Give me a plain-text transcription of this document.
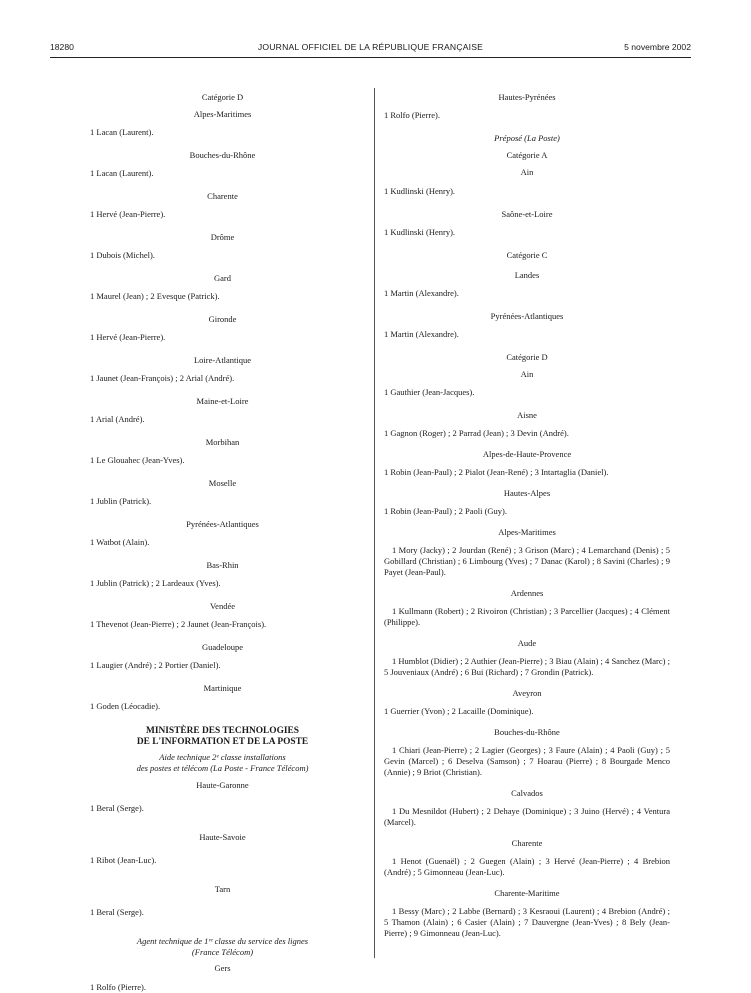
18280	JOURNAL OFFICIEL DE LA RÉPUBLIQUE FRANÇAISE	5 novembre 2002

Catégorie D

Alpes-Maritimes

1 Lacan (Laurent).

Bouches-du-Rhône

1 Lacan (Laurent).

Charente

1 Hervé (Jean-Pierre).

Drôme

1 Dubois (Michel).

Gard

1 Maurel (Jean) ; 2 Evesque (Patrick).

Gironde

1 Hervé (Jean-Pierre).

Loire-Atlantique

1 Jaunet (Jean-François) ; 2 Arial (André).

Maine-et-Loire

1 Arial (André).

Morbihan

1 Le Glouahec (Jean-Yves).

Moselle

1 Jublin (Patrick).

Pyrénées-Atlantiques

1 Watbot (Alain).

Bas-Rhin

1 Jublin (Patrick) ; 2 Lardeaux (Yves).

Vendée

1 Thevenot (Jean-Pierre) ; 2 Jaunet (Jean-François).

Guadeloupe

1 Laugier (André) ; 2 Portier (Daniel).

Martinique

1 Goden (Léocadie).

MINISTÈRE DES TECHNOLOGIES

DE L'INFORMATION ET DE LA POSTE

Aide technique 2ᵉ classe installations

des postes et télécom (La Poste - France Télécom)

Haute-Garonne

1 Beral (Serge).

Haute-Savoie

1 Ribot (Jean-Luc).

Tarn

1 Beral (Serge).

Agent technique de 1ʳᵉ classe du service des lignes

(France Télécom)

Gers

1 Rolfo (Pierre).

Hautes-Pyrénées

1 Rolfo (Pierre).

Préposé (La Poste)

Catégorie A

Ain

1 Kudlinski (Henry).

Saône-et-Loire

1 Kudlinski (Henry).

Catégorie C

Landes

1 Martin (Alexandre).

Pyrénées-Atlantiques

1 Martin (Alexandre).

Catégorie D

Ain

1 Gauthier (Jean-Jacques).

Aisne

1 Gagnon (Roger) ; 2 Parrad (Jean) ; 3 Devin (André).

Alpes-de-Haute-Provence

1 Robin (Jean-Paul) ; 2 Pialot (Jean-René) ; 3 Intartaglia (Daniel).

Hautes-Alpes

1 Robin (Jean-Paul) ; 2 Paoli (Guy).

Alpes-Maritimes

1 Mory (Jacky) ; 2 Jourdan (René) ; 3 Grison (Marc) ; 4 Lemarchand (Denis) ; 5 Gobillard (Christian) ; 6 Limbourg (Yves) ; 7 Danac (Karol) ; 8 Savini (Charles) ; 9 Payet (Jean-Paul).

Ardennes

1 Kullmann (Robert) ; 2 Rivoiron (Christian) ; 3 Parcellier (Jacques) ; 4 Clément (Philippe).

Aude

1 Humblot (Didier) ; 2 Authier (Jean-Pierre) ; 3 Biau (Alain) ; 4 Sanchez (Marc) ; 5 Jouveniaux (André) ; 6 Bui (Richard) ; 7 Grondin (Patrick).

Aveyron

1 Guerrier (Yvon) ; 2 Lacaille (Dominique).

Bouches-du-Rhône

1 Chiari (Jean-Pierre) ; 2 Lagier (Georges) ; 3 Faure (Alain) ; 4 Paoli (Guy) ; 5 Gevin (Marcel) ; 6 Deselva (Samson) ; 7 Hoarau (Pierre) ; 8 Bourgade Menco (Annie) ; 9 Briot (Christian).

Calvados

1 Du Mesnildot (Hubert) ; 2 Dehaye (Dominique) ; 3 Juino (Hervé) ; 4 Ventura (Marcel).

Charente

1 Henot (Guenaël) ; 2 Guegen (Alain) ; 3 Hervé (Jean-Pierre) ; 4 Brebion (André) ; 5 Gimonneau (Jean-Luc).

Charente-Maritime

1 Bessy (Marc) ; 2 Labbe (Bernard) ; 3 Kesraoui (Laurent) ; 4 Brebion (André) ; 5 Thamon (Alain) ; 6 Casier (Alain) ; 7 Dauvergne (Jean-Yves) ; 8 Bely (Jean-Pierre) ; 9 Gimonneau (Jean-Luc).
